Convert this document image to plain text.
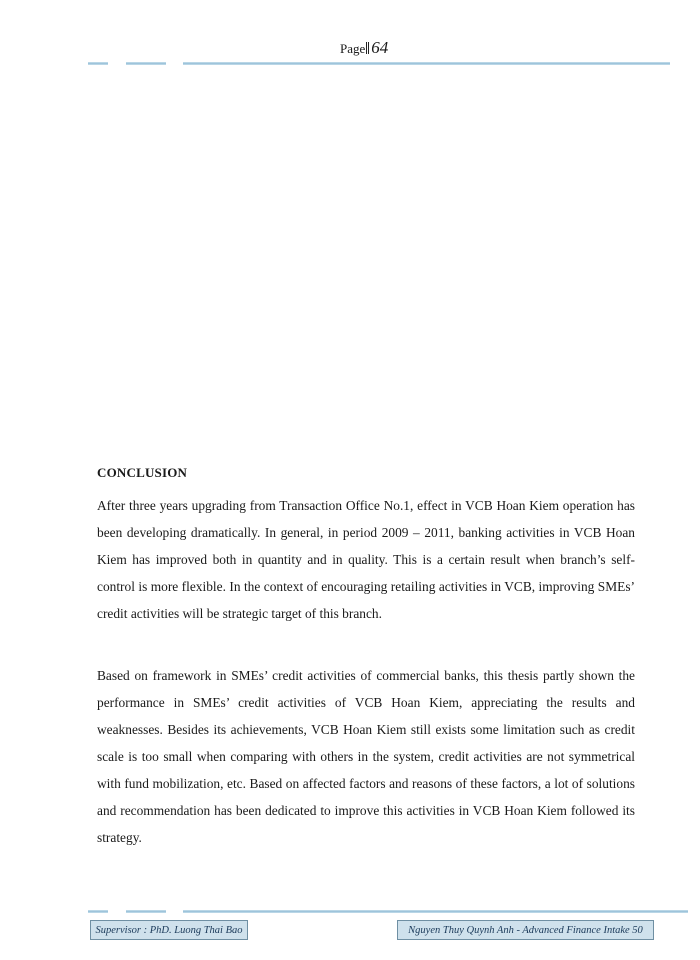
Page 64
CONCLUSION

After three years upgrading from Transaction Office No.1, effect in VCB Hoan Kiem operation has been developing dramatically. In general, in period 2009 – 2011, banking activities in VCB Hoan Kiem has improved both in quantity and in quality. This is a certain result when branch’s self-control is more flexible. In the context of encouraging retailing activities in VCB, improving SMEs’ credit activities will be strategic target of this branch.

Based on framework in SMEs’ credit activities of commercial banks, this thesis partly shown the performance in SMEs’ credit activities of VCB Hoan Kiem, appreciating the results and weaknesses. Besides its achievements, VCB Hoan Kiem still exists some limitation such as credit scale is too small when comparing with others in the system, credit activities are not symmetrical with fund mobilization, etc. Based on affected factors and reasons of these factors, a lot of solutions and recommendation has been dedicated to improve this activities in VCB Hoan Kiem followed its strategy.

Supervisor : PhD. Luong Thai Bao	Nguyen Thuy Quynh Anh - Advanced Finance Intake 50
